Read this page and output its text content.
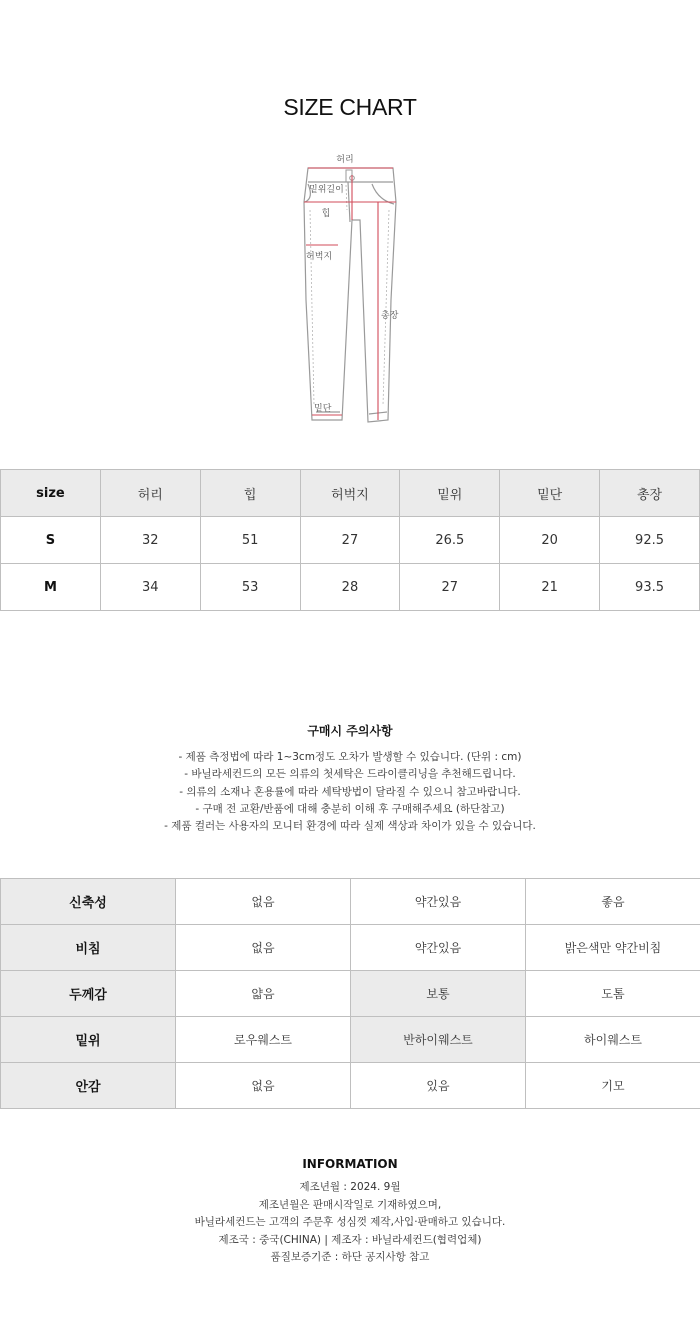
SIZE CHART
허리
밑위길이
힙
허벅지
총장
밑단
size	허리	힙	허벅지	밑위	밑단	총장
S	32	51	27	26.5	20	92.5
M	34	53	28	27	21	93.5
구매시 주의사항
- 제품 측정법에 따라 1~3cm정도 오차가 발생할 수 있습니다. (단위 : cm)
- 바닐라세컨드의 모든 의류의 첫세탁은 드라이클리닝을 추천해드립니다.
- 의류의 소재나 혼용률에 따라 세탁방법이 달라질 수 있으니 참고바랍니다.
- 구매 전 교환/반품에 대해 충분히 이해 후 구매해주세요 (하단참고)
- 제품 컬러는 사용자의 모니터 환경에 따라 실제 색상과 차이가 있을 수 있습니다.
신축성	없음	약간있음	좋음
비침	없음	약간있음	밝은색만 약간비침
두께감	얇음	보통	도톰
밑위	로우웨스트	반하이웨스트	하이웨스트
안감	없음	있음	기모
INFORMATION
제조년월 : 2024. 9월
제조년월은 판매시작일로 기재하였으며,
바닐라세컨드는 고객의 주문후 성심껏 제작,사입·판매하고 있습니다.
제조국 : 중국(CHINA) | 제조자 : 바닐라세컨드(협력업체)
품질보증기준 : 하단 공지사항 참고
